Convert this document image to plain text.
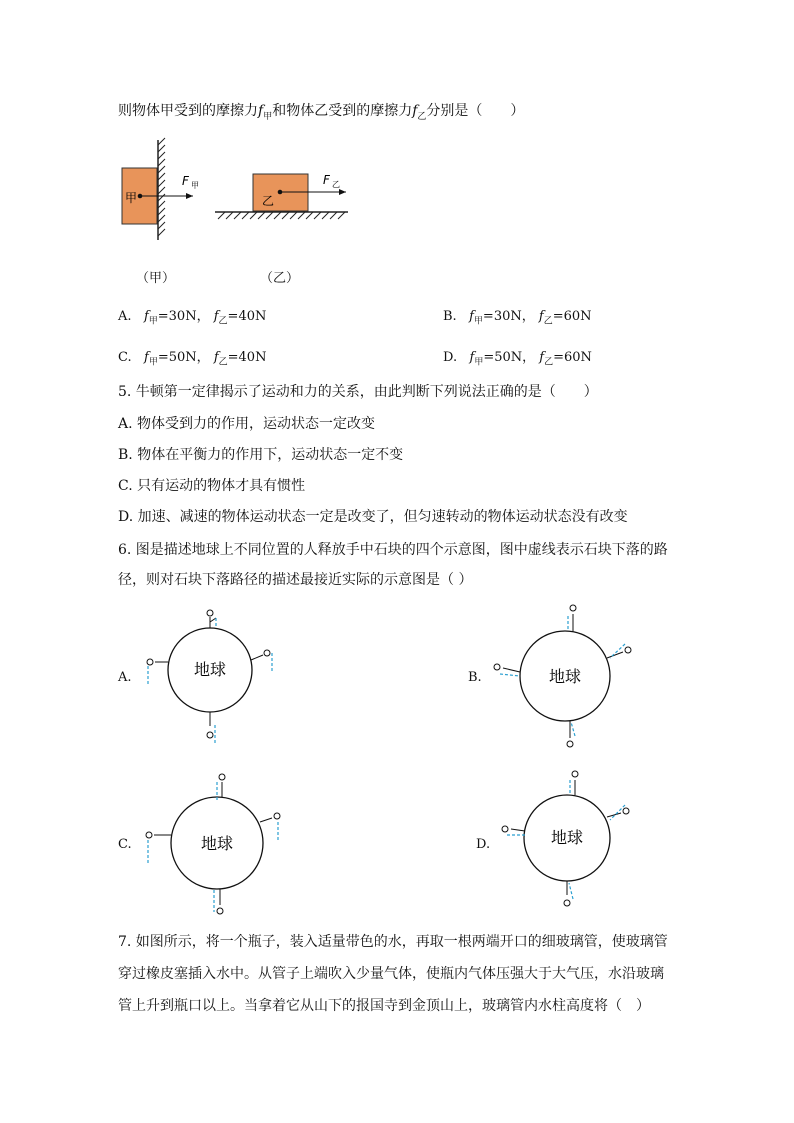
则物体甲受到的摩擦力$f_甲$和物体乙受到的摩擦力$f_乙$分别是（　　）
甲
F 甲
乙
F 乙
（甲）	（乙）
A. $f_甲=30N$， $f_乙=40N$	B. $f_甲=30N$， $f_乙=60N$
C. $f_甲=50N$， $f_乙=40N$	D. $f_甲=50N$， $f_乙=60N$
5. 牛顿第一定律揭示了运动和力的关系，由此判断下列说法正确的是（　　）
A. 物体受到力的作用，运动状态一定改变
B. 物体在平衡力的作用下，运动状态一定不变
C. 只有运动的物体才具有惯性
D. 加速、减速的物体运动状态一定是改变了，但匀速转动的物体运动状态没有改变
6. 图是描述地球上不同位置的人释放手中石块的四个示意图，图中虚线表示石块下落的路
径，则对石块下落路径的描述最接近实际的示意图是（ ）
A.	B.
C.	D.
地球	地球
地球	地球
7. 如图所示，将一个瓶子，装入适量带色的水，再取一根两端开口的细玻璃管，使玻璃管
穿过橡皮塞插入水中。从管子上端吹入少量气体，使瓶内气体压强大于大气压，水沿玻璃
管上升到瓶口以上。当拿着它从山下的报国寺到金顶山上，玻璃管内水柱高度将（　）
